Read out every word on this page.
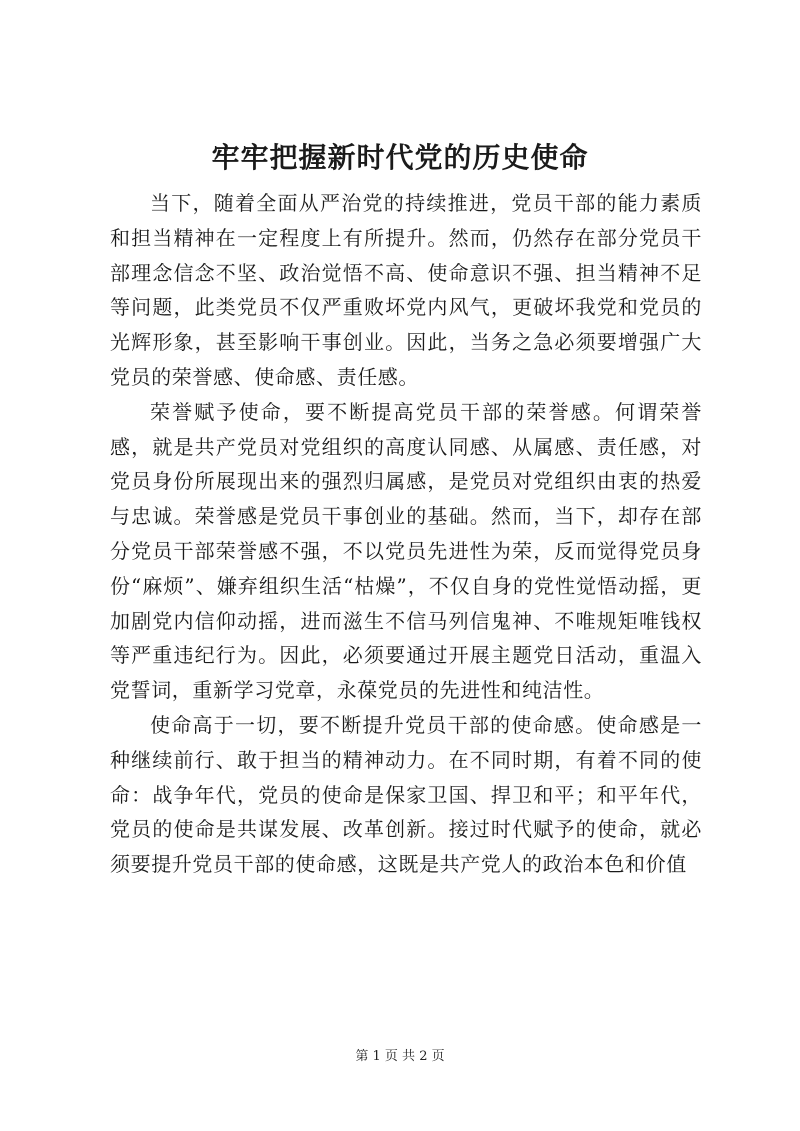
牢牢把握新时代党的历史使命

当下，随着全面从严治党的持续推进，党员干部的能力素质和担当精神在一定程度上有所提升。然而，仍然存在部分党员干部理念信念不坚、政治觉悟不高、使命意识不强、担当精神不足等问题，此类党员不仅严重败坏党内风气，更破坏我党和党员的光辉形象，甚至影响干事创业。因此，当务之急必须要增强广大党员的荣誉感、使命感、责任感。

荣誉赋予使命，要不断提高党员干部的荣誉感。何谓荣誉感，就是共产党员对党组织的高度认同感、从属感、责任感，对党员身份所展现出来的强烈归属感，是党员对党组织由衷的热爱与忠诚。荣誉感是党员干事创业的基础。然而，当下，却存在部分党员干部荣誉感不强，不以党员先进性为荣，反而觉得党员身份“麻烦”、嫌弃组织生活“枯燥”，不仅自身的党性觉悟动摇，更加剧党内信仰动摇，进而滋生不信马列信鬼神、不唯规矩唯钱权等严重违纪行为。因此，必须要通过开展主题党日活动，重温入党誓词，重新学习党章，永葆党员的先进性和纯洁性。

使命高于一切，要不断提升党员干部的使命感。使命感是一种继续前行、敢于担当的精神动力。在不同时期，有着不同的使命：战争年代，党员的使命是保家卫国、捍卫和平；和平年代，党员的使命是共谋发展、改革创新。接过时代赋予的使命，就必须要提升党员干部的使命感，这既是共产党人的政治本色和价值

第 1 页 共 2 页
